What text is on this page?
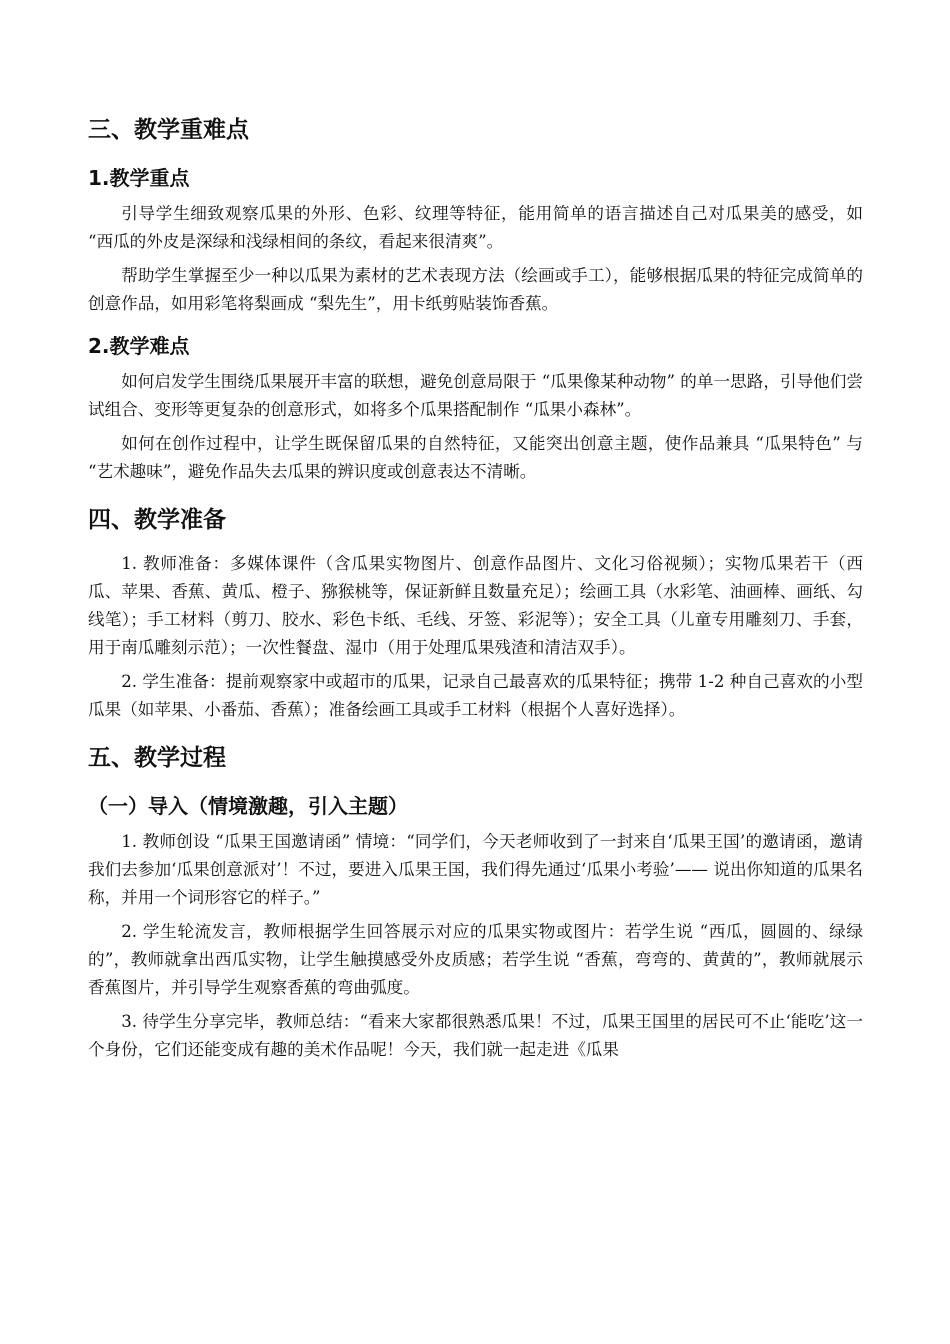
三、教学重难点
1.教学重点

引导学生细致观察瓜果的外形、色彩、纹理等特征，能用简单的语言描述自己对瓜果美的感受，如 “西瓜的外皮是深绿和浅绿相间的条纹，看起来很清爽”。

帮助学生掌握至少一种以瓜果为素材的艺术表现方法（绘画或手工），能够根据瓜果的特征完成简单的创意作品，如用彩笔将梨画成 “梨先生”，用卡纸剪贴装饰香蕉。

2.教学难点

如何启发学生围绕瓜果展开丰富的联想，避免创意局限于 “瓜果像某种动物” 的单一思路，引导他们尝试组合、变形等更复杂的创意形式，如将多个瓜果搭配制作 “瓜果小森林”。

如何在创作过程中，让学生既保留瓜果的自然特征，又能突出创意主题，使作品兼具 “瓜果特色” 与 “艺术趣味”，避免作品失去瓜果的辨识度或创意表达不清晰。

四、教学准备

1. 教师准备：多媒体课件（含瓜果实物图片、创意作品图片、文化习俗视频）；实物瓜果若干（西瓜、苹果、香蕉、黄瓜、橙子、猕猴桃等，保证新鲜且数量充足）；绘画工具（水彩笔、油画棒、画纸、勾线笔）；手工材料（剪刀、胶水、彩色卡纸、毛线、牙签、彩泥等）；安全工具（儿童专用雕刻刀、手套，用于南瓜雕刻示范）；一次性餐盘、湿巾（用于处理瓜果残渣和清洁双手）。

2. 学生准备：提前观察家中或超市的瓜果，记录自己最喜欢的瓜果特征；携带 1-2 种自己喜欢的小型瓜果（如苹果、小番茄、香蕉）；准备绘画工具或手工材料（根据个人喜好选择）。

五、教学过程
（一）导入（情境激趣，引入主题）

1. 教师创设 “瓜果王国邀请函” 情境：“同学们，今天老师收到了一封来自‘瓜果王国’的邀请函，邀请我们去参加‘瓜果创意派对’！不过，要进入瓜果王国，我们得先通过‘瓜果小考验’—— 说出你知道的瓜果名称，并用一个词形容它的样子。”

2. 学生轮流发言，教师根据学生回答展示对应的瓜果实物或图片：若学生说 “西瓜，圆圆的、绿绿的”，教师就拿出西瓜实物，让学生触摸感受外皮质感；若学生说 “香蕉，弯弯的、黄黄的”，教师就展示香蕉图片，并引导学生观察香蕉的弯曲弧度。

3. 待学生分享完毕，教师总结：“看来大家都很熟悉瓜果！不过，瓜果王国里的居民可不止‘能吃’这一个身份，它们还能变成有趣的美术作品呢！今天，我们就一起走进《瓜果
